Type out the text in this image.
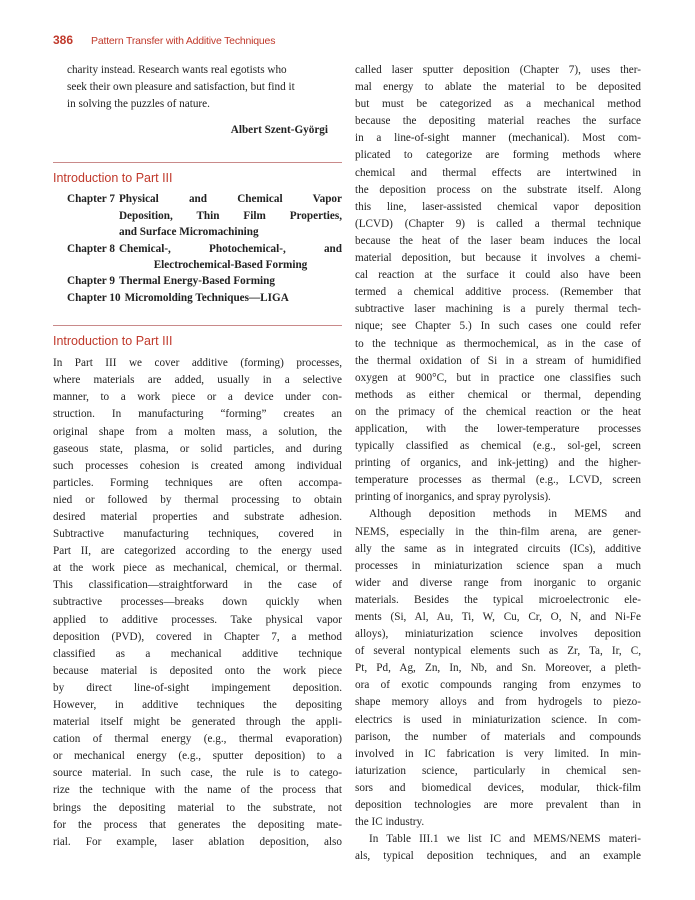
386 Pattern Transfer with Additive Techniques
charity instead. Research wants real egotists who
seek their own pleasure and satisfaction, but find it
in solving the puzzles of nature.
Albert Szent-Györgi
Introduction to Part III
Chapter 7 Physical and Chemical Vapor
Deposition, Thin Film Properties,
and Surface Micromachining
Chapter 8 Chemical-, Photochemical-, and
Electrochemical-Based Forming
Chapter 9 Thermal Energy-Based Forming
Chapter 10 Micromolding Techniques—LIGA
Introduction to Part III
In Part III we cover additive (forming) processes,
where materials are added, usually in a selective
manner, to a work piece or a device under con-
struction. In manufacturing “forming” creates an
original shape from a molten mass, a solution, the
gaseous state, plasma, or solid particles, and during
such processes cohesion is created among individual
particles. Forming techniques are often accompa-
nied or followed by thermal processing to obtain
desired material properties and substrate adhesion.
Subtractive manufacturing techniques, covered in
Part II, are categorized according to the energy used
at the work piece as mechanical, chemical, or thermal.
This classification—straightforward in the case of
subtractive processes—breaks down quickly when
applied to additive processes. Take physical vapor
deposition (PVD), covered in Chapter 7, a method
classified as a mechanical additive technique
because material is deposited onto the work piece
by direct line-of-sight impingement deposition.
However, in additive techniques the depositing
material itself might be generated through the appli-
cation of thermal energy (e.g., thermal evaporation)
or mechanical energy (e.g., sputter deposition) to a
source material. In such case, the rule is to catego-
rize the technique with the name of the process that
brings the depositing material to the substrate, not
for the process that generates the depositing mate-
rial. For example, laser ablation deposition, also
called laser sputter deposition (Chapter 7), uses ther-
mal energy to ablate the material to be deposited
but must be categorized as a mechanical method
because the depositing material reaches the surface
in a line-of-sight manner (mechanical). Most com-
plicated to categorize are forming methods where
chemical and thermal effects are intertwined in
the deposition process on the substrate itself. Along
this line, laser-assisted chemical vapor deposition
(LCVD) (Chapter 9) is called a thermal technique
because the heat of the laser beam induces the local
material deposition, but because it involves a chemi-
cal reaction at the surface it could also have been
termed a chemical additive process. (Remember that
subtractive laser machining is a purely thermal tech-
nique; see Chapter 5.) In such cases one could refer
to the technique as thermochemical, as in the case of
the thermal oxidation of Si in a stream of humidified
oxygen at 900°C, but in practice one classifies such
methods as either chemical or thermal, depending
on the primacy of the chemical reaction or the heat
application, with the lower-temperature processes
typically classified as chemical (e.g., sol-gel, screen
printing of organics, and ink-jetting) and the higher-
temperature processes as thermal (e.g., LCVD, screen
printing of inorganics, and spray pyrolysis).
Although deposition methods in MEMS and
NEMS, especially in the thin-film arena, are gener-
ally the same as in integrated circuits (ICs), additive
processes in miniaturization science span a much
wider and diverse range from inorganic to organic
materials. Besides the typical microelectronic ele-
ments (Si, Al, Au, Ti, W, Cu, Cr, O, N, and Ni-Fe
alloys), miniaturization science involves deposition
of several nontypical elements such as Zr, Ta, Ir, C,
Pt, Pd, Ag, Zn, In, Nb, and Sn. Moreover, a pleth-
ora of exotic compounds ranging from enzymes to
shape memory alloys and from hydrogels to piezo-
electrics is used in miniaturization science. In com-
parison, the number of materials and compounds
involved in IC fabrication is very limited. In min-
iaturization science, particularly in chemical sen-
sors and biomedical devices, modular, thick-film
deposition technologies are more prevalent than in
the IC industry.
In Table III.1 we list IC and MEMS/NEMS materi-
als, typical deposition techniques, and an example
